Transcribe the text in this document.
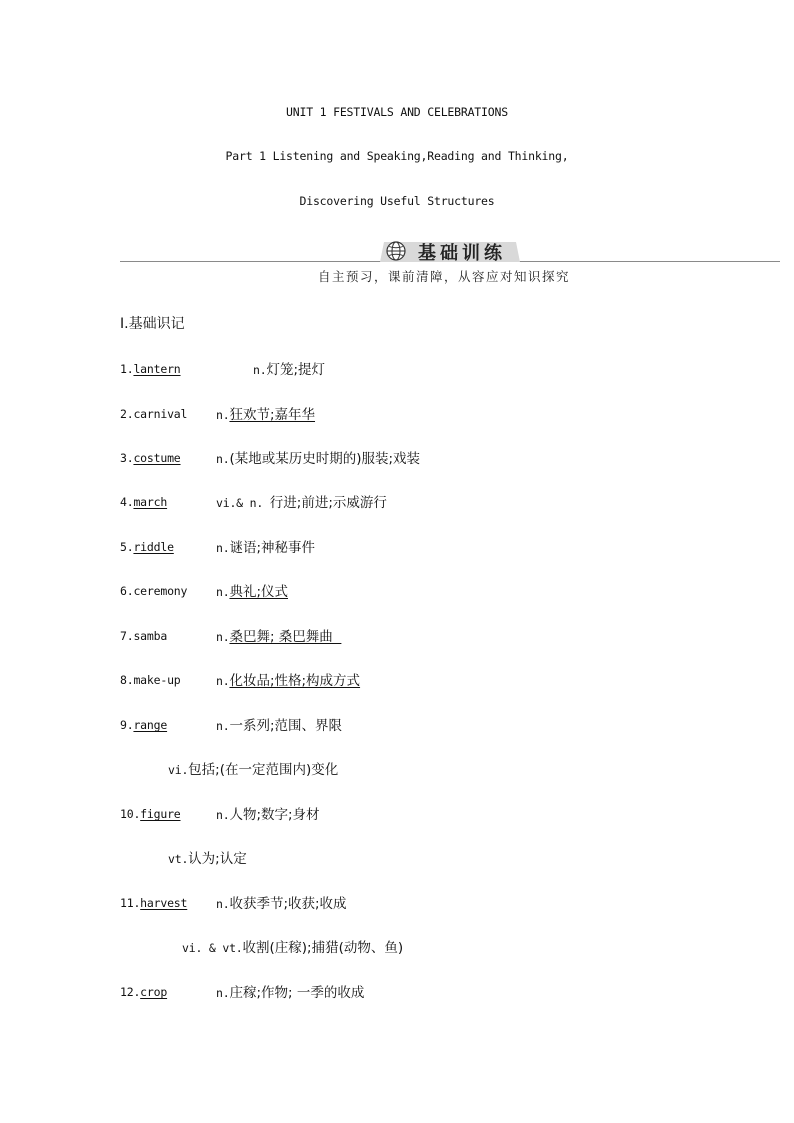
UNIT 1 FESTIVALS AND CELEBRATIONS
Part 1 Listening and Speaking,Reading and Thinking,
Discovering Useful Structures
基础训练
自主预习，课前清障，从容应对知识探究
Ⅰ.基础识记
1.lantern	n.灯笼;提灯
2.carnival	n.狂欢节;嘉年华
3.costume	n.(某地或某历史时期的)服装;戏装
4.march	vi.& n. 行进;前进;示威游行
5.riddle	n.谜语;神秘事件
6.ceremony	n.典礼;仪式
7.samba	n.桑巴舞; 桑巴舞曲
8.make-up	n.化妆品;性格;构成方式
9.range	n.一系列;范围、界限
vi.包括;(在一定范围内)变化
10.figure	n.人物;数字;身材
vt.认为;认定
11.harvest	n.收获季节;收获;收成
vi. & vt.收割(庄稼);捕猎(动物、鱼)
12.crop	n.庄稼;作物; 一季的收成
